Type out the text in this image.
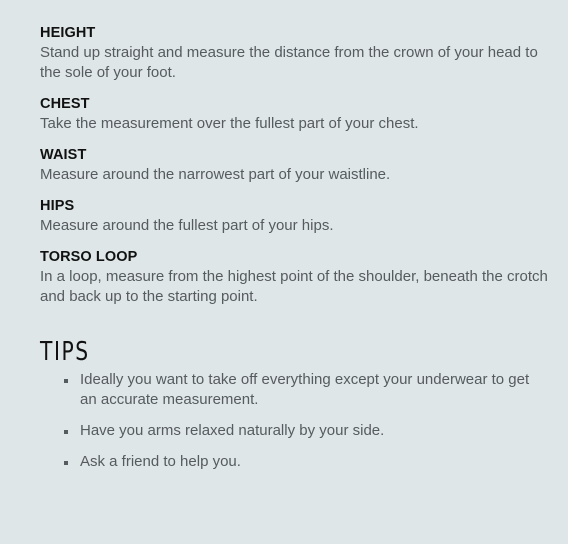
HEIGHT

Stand up straight and measure the distance from the crown of your head to the sole of your foot.

CHEST

Take the measurement over the fullest part of your chest.

WAIST

Measure around the narrowest part of your waistline.

HIPS

Measure around the fullest part of your hips.

TORSO LOOP

In a loop, measure from the highest point of the shoulder, beneath the crotch and back up to the starting point.

TIPS
Ideally you want to take off everything except your underwear to get an accurate measurement.
Have you arms relaxed naturally by your side.
Ask a friend to help you.
